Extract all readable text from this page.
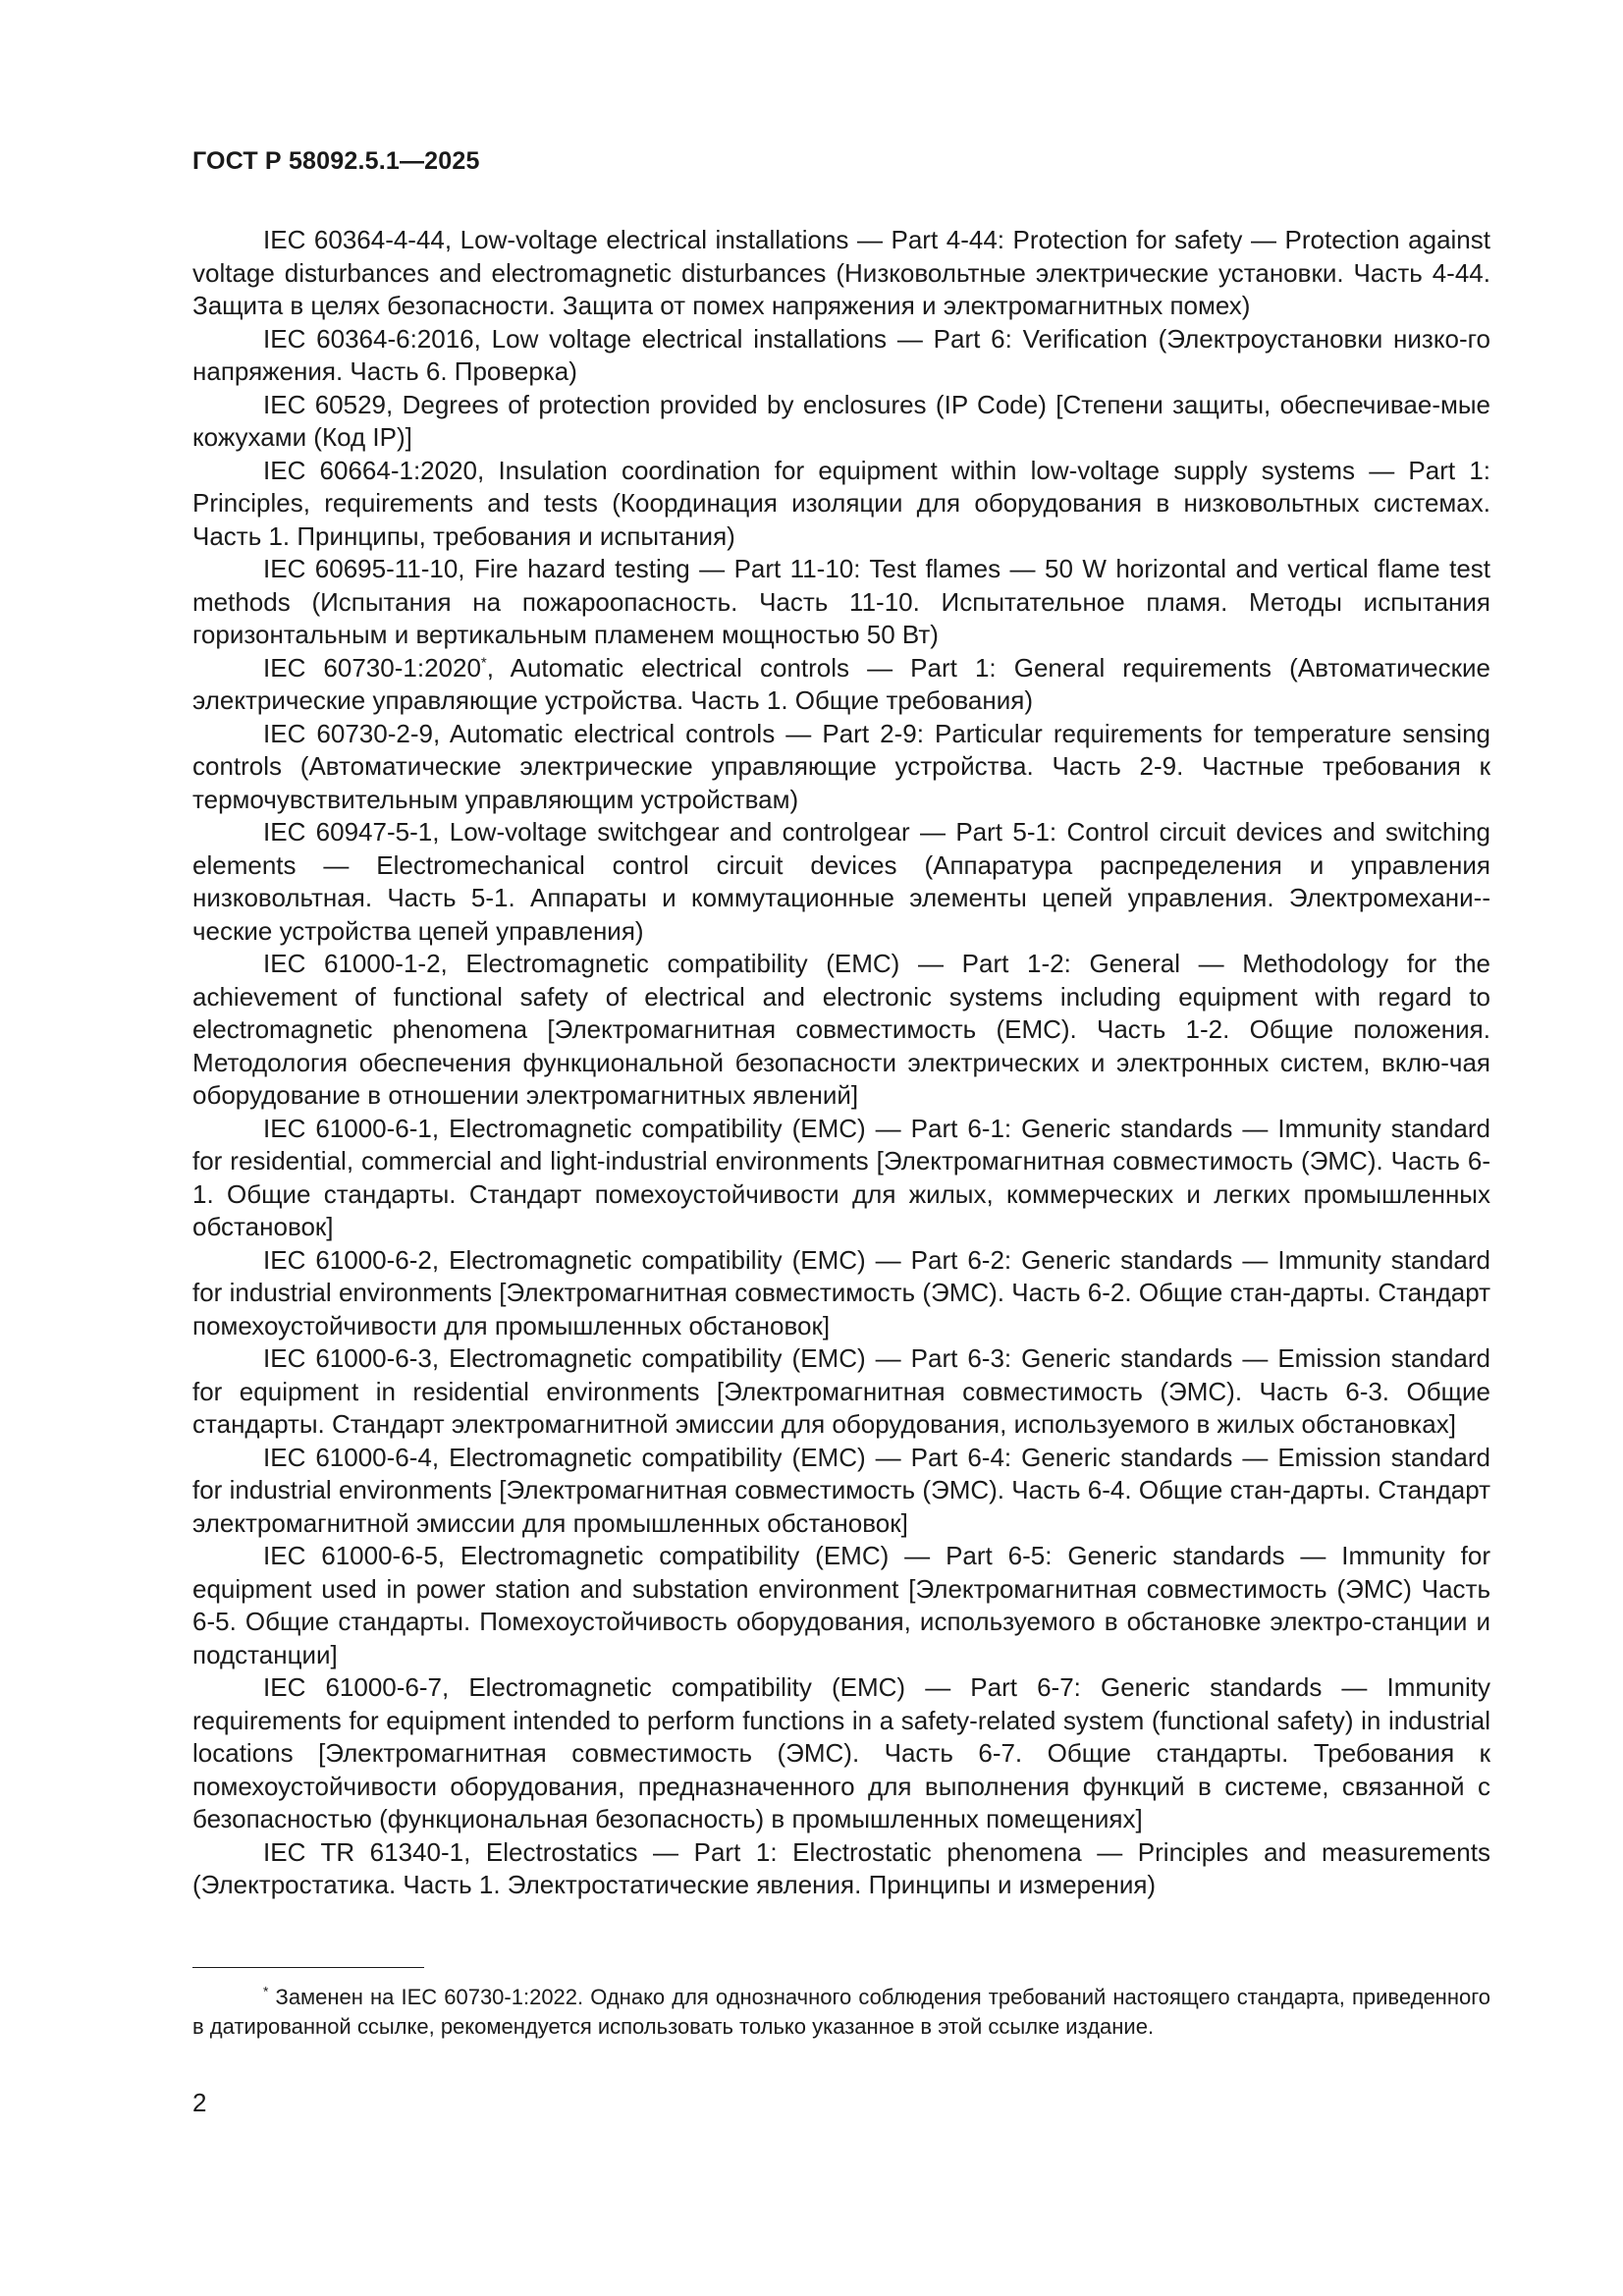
ГОСТ Р 58092.5.1—2025

IEC 60364-4-44, Low-voltage electrical installations — Part 4-44: Protection for safety — Protection against voltage disturbances and electromagnetic disturbances (Низковольтные электрические установки. Часть 4-44. Защита в целях безопасности. Защита от помех напряжения и электромагнитных помех)

IEC 60364-6:2016, Low voltage electrical installations — Part 6: Verification (Электроустановки низко-го напряжения. Часть 6. Проверка)

IEC 60529, Degrees of protection provided by enclosures (IP Code) [Степени защиты, обеспечивае-мые кожухами (Код IP)]

IEC 60664-1:2020, Insulation coordination for equipment within low-voltage supply systems — Part 1: Principles, requirements and tests (Координация изоляции для оборудования в низковольтных системах. Часть 1. Принципы, требования и испытания)

IEC 60695-11-10, Fire hazard testing — Part 11-10: Test flames — 50 W horizontal and vertical flame test methods (Испытания на пожароопасность. Часть 11-10. Испытательное пламя. Методы испытания горизонтальным и вертикальным пламенем мощностью 50 Вт)

IEC 60730-1:2020*, Automatic electrical controls — Part 1: General requirements (Автоматические электрические управляющие устройства. Часть 1. Общие требования)

IEC 60730-2-9, Automatic electrical controls — Part 2-9: Particular requirements for temperature sensing controls (Автоматические электрические управляющие устройства. Часть 2-9. Частные требования к термочувствительным управляющим устройствам)

IEC 60947-5-1, Low-voltage switchgear and controlgear — Part 5-1: Control circuit devices and switching elements — Electromechanical control circuit devices (Аппаратура распределения и управления низковольтная. Часть 5-1. Аппараты и коммутационные элементы цепей управления. Электромехани-ческие устройства цепей управления)

IEC 61000-1-2, Electromagnetic compatibility (EMC) — Part 1-2: General — Methodology for the achievement of functional safety of electrical and electronic systems including equipment with regard to electromagnetic phenomena [Электромагнитная совместимость (ЕМС). Часть 1-2. Общие положения. Методология обеспечения функциональной безопасности электрических и электронных систем, вклю-чая оборудование в отношении электромагнитных явлений]

IEC 61000-6-1, Electromagnetic compatibility (EMC) — Part 6-1: Generic standards — Immunity standard for residential, commercial and light-industrial environments [Электромагнитная совместимость (ЭМС). Часть 6-1. Общие стандарты. Стандарт помехоустойчивости для жилых, коммерческих и легких промышленных обстановок]

IEC 61000-6-2, Electromagnetic compatibility (EMC) — Part 6-2: Generic standards — Immunity standard for industrial environments [Электромагнитная совместимость (ЭМС). Часть 6-2. Общие стан-дарты. Стандарт помехоустойчивости для промышленных обстановок]

IEC 61000-6-3, Electromagnetic compatibility (EMC) — Part 6-3: Generic standards — Emission standard for equipment in residential environments [Электромагнитная совместимость (ЭМС). Часть 6-3. Общие стандарты. Стандарт электромагнитной эмиссии для оборудования, используемого в жилых обстановках]

IEC 61000-6-4, Electromagnetic compatibility (EMC) — Part 6-4: Generic standards — Emission standard for industrial environments [Электромагнитная совместимость (ЭМС). Часть 6-4. Общие стан-дарты. Стандарт электромагнитной эмиссии для промышленных обстановок]

IEC 61000-6-5, Electromagnetic compatibility (EMC) — Part 6-5: Generic standards — Immunity for equipment used in power station and substation environment [Электромагнитная совместимость (ЭМС) Часть 6-5. Общие стандарты. Помехоустойчивость оборудования, используемого в обстановке электро-станции и подстанции]

IEC 61000-6-7, Electromagnetic compatibility (EMC) — Part 6-7: Generic standards — Immunity requirements for equipment intended to perform functions in a safety-related system (functional safety) in industrial locations [Электромагнитная совместимость (ЭМС). Часть 6-7. Общие стандарты. Требования к помехоустойчивости оборудования, предназначенного для выполнения функций в системе, связанной с безопасностью (функциональная безопасность) в промышленных помещениях]

IEC TR 61340-1, Electrostatics — Part 1: Electrostatic phenomena — Principles and measurements (Электростатика. Часть 1. Электростатические явления. Принципы и измерения)

* Заменен на IEC 60730-1:2022. Однако для однозначного соблюдения требований настоящего стандарта, приведенного в датированной ссылке, рекомендуется использовать только указанное в этой ссылке издание.

2
